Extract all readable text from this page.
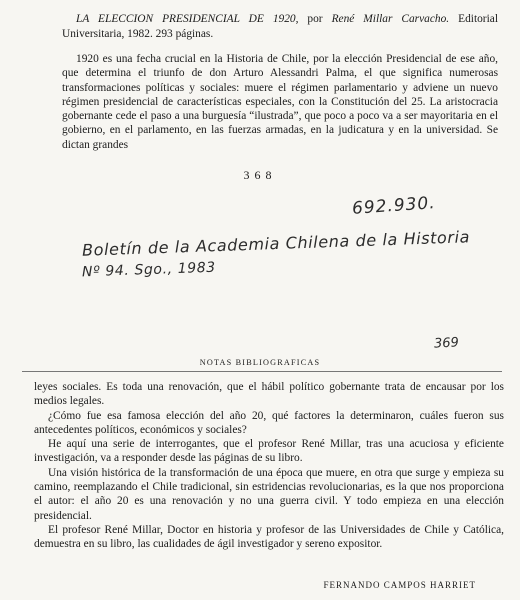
LA ELECCION PRESIDENCIAL DE 1920, por René Millar Carvacho. Editorial Universitaria, 1982. 293 páginas.
1920 es una fecha crucial en la Historia de Chile, por la elección Presidencial de ese año, que determina el triunfo de don Arturo Alessandri Palma, el que significa numerosas transformaciones políticas y sociales: muere el régimen parlamentario y adviene un nuevo régimen presidencial de características especiales, con la Constitución del 25. La aristocracia gobernante cede el paso a una burguesía “ilustrada”, que poco a poco va a ser mayoritaria en el gobierno, en el parlamento, en las fuerzas armadas, en la judicatura y en la universidad. Se dictan grandes
368
692.930.
Boletín de la Academia Chilena de la Historia
Nº 94. Sgo., 1983
369
NOTAS BIBLIOGRAFICAS

leyes sociales. Es toda una renovación, que el hábil político gobernante trata de encausar por los medios legales.

¿Cómo fue esa famosa elección del año 20, qué factores la determinaron, cuáles fueron sus antecedentes políticos, económicos y sociales?

He aquí una serie de interrogantes, que el profesor René Millar, tras una acuciosa y eficiente investigación, va a responder desde las páginas de su libro.

Una visión histórica de la transformación de una época que muere, en otra que surge y empieza su camino, reemplazando el Chile tradicional, sin estridencias revolucionarias, es la que nos proporciona el autor: el año 20 es una renovación y no una guerra civil. Y todo empieza en una elección presidencial.

El profesor René Millar, Doctor en historia y profesor de las Universidades de Chile y Católica, demuestra en su libro, las cualidades de ágil investigador y sereno expositor.

FERNANDO CAMPOS HARRIET
